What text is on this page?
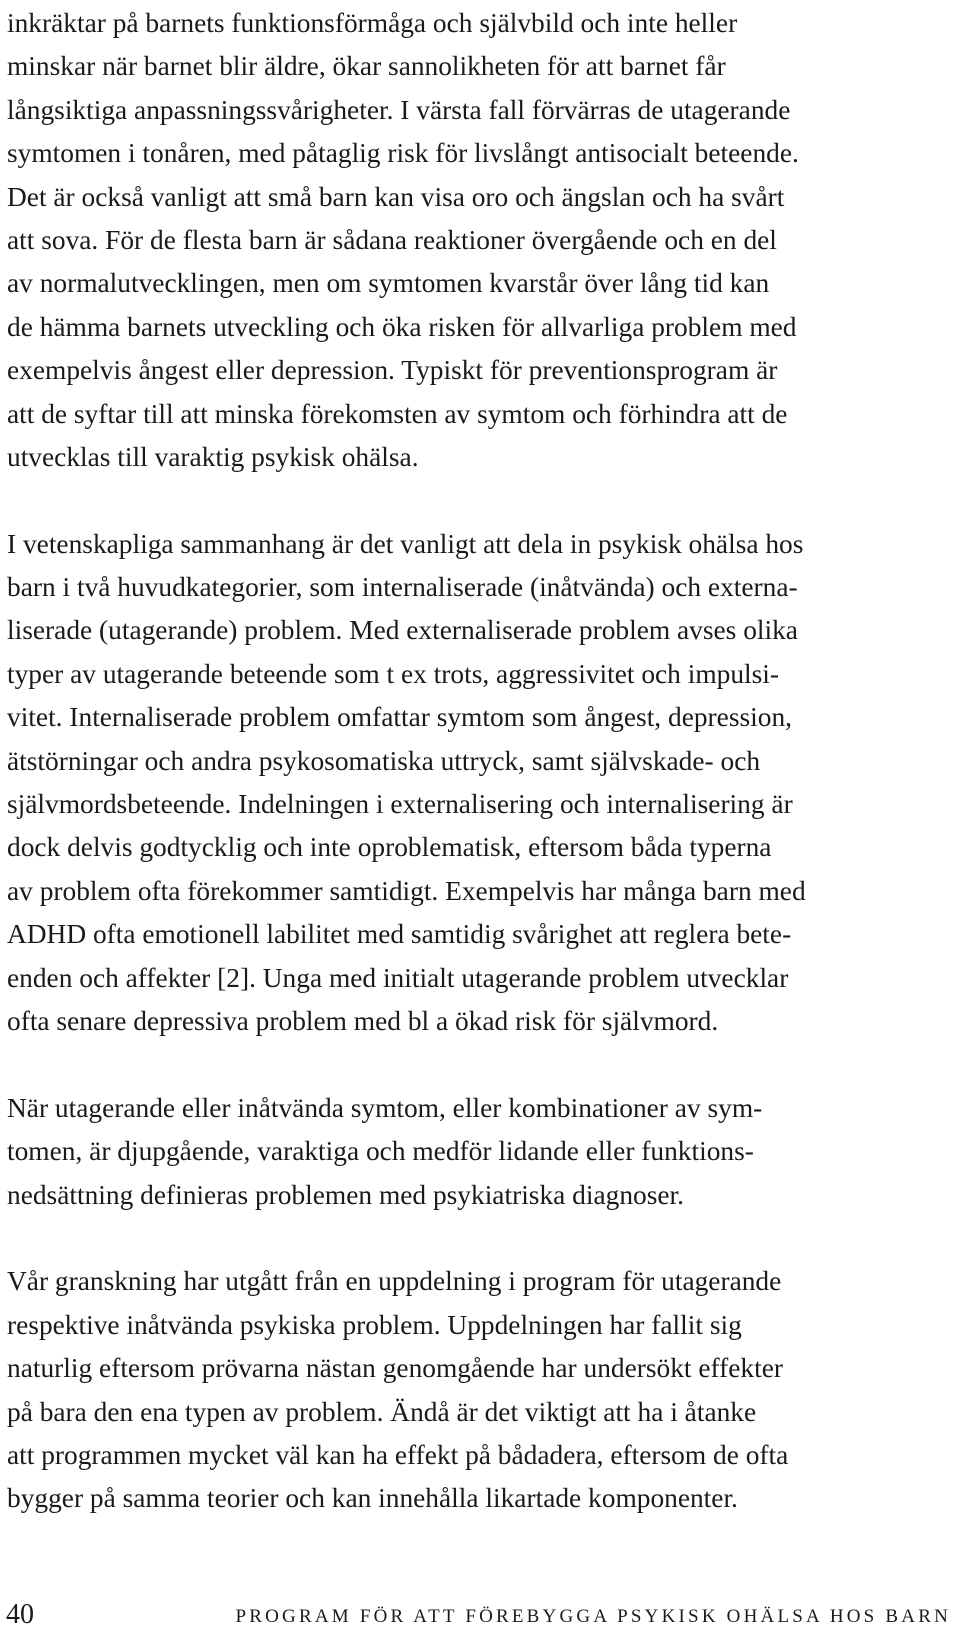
inkräktar på barnets funktionsförmåga och självbild och inte heller
minskar när barnet blir äldre, ökar sannolikheten för att barnet får
långsiktiga anpassningssvårigheter. I värsta fall förvärras de utagerande
symtomen i tonåren, med påtaglig risk för livslångt antisocialt beteende.
Det är också vanligt att små barn kan visa oro och ängslan och ha svårt
att sova. För de flesta barn är sådana reaktioner övergående och en del
av normalutvecklingen, men om symtomen kvarstår över lång tid kan
de hämma barnets utveckling och öka risken för allvarliga problem med
exempelvis ångest eller depression. Typiskt för preventionsprogram är
att de syftar till att minska förekomsten av symtom och förhindra att de
utvecklas till varaktig psykisk ohälsa.
I vetenskapliga sammanhang är det vanligt att dela in psykisk ohälsa hos
barn i två huvudkategorier, som internaliserade (inåtvända) och externa-
liserade (utagerande) problem. Med externaliserade problem avses olika
typer av utagerande beteende som t ex trots, aggressivitet och impulsi-
vitet. Internaliserade problem omfattar symtom som ångest, depression,
ätstörningar och andra psykosomatiska uttryck, samt självskade- och
självmordsbeteende. Indelningen i externalisering och internalisering är
dock delvis godtycklig och inte oproblematisk, eftersom båda typerna
av problem ofta förekommer samtidigt. Exempelvis har många barn med
ADHD ofta emotionell labilitet med samtidig svårighet att reglera bete-
enden och affekter [2]. Unga med initialt utagerande problem utvecklar
ofta senare depressiva problem med bl a ökad risk för självmord.
När utagerande eller inåtvända symtom, eller kombinationer av sym-
tomen, är djupgående, varaktiga och medför lidande eller funktions-
nedsättning definieras problemen med psykiatriska diagnoser.
Vår granskning har utgått från en uppdelning i program för utagerande
respektive inåtvända psykiska problem. Uppdelningen har fallit sig
naturlig eftersom prövarna nästan genomgående har undersökt effekter
på bara den ena typen av problem. Ändå är det viktigt att ha i åtanke
att programmen mycket väl kan ha effekt på bådadera, eftersom de ofta
bygger på samma teorier och kan innehålla likartade komponenter.
40	PROGRAM FÖR ATT FÖREBYGGA PSYKISK OHÄLSA HOS BARN
